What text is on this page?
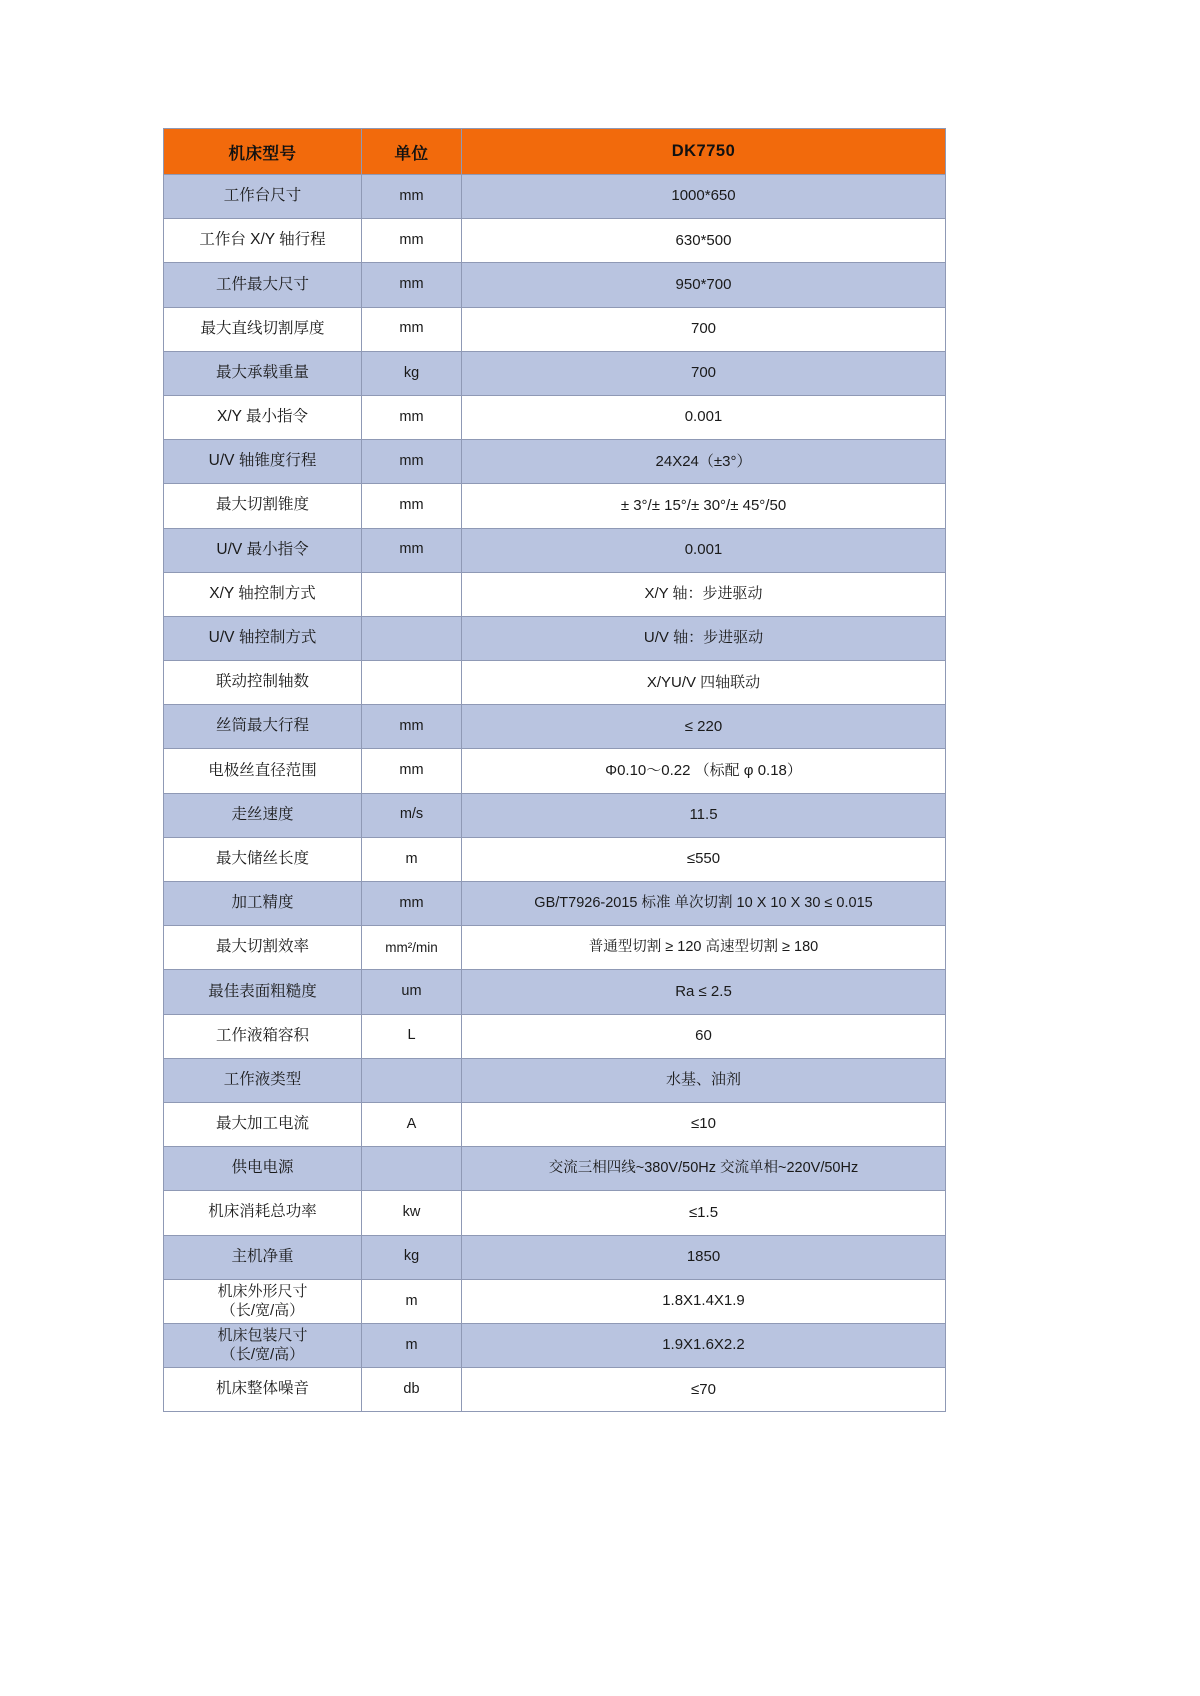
机床型号	单位	DK7750
工作台尺寸	mm	1000*650
工作台 X/Y 轴行程	mm	630*500
工件最大尺寸	mm	950*700
最大直线切割厚度	mm	700
最大承载重量	kg	700
X/Y 最小指令	mm	0.001
U/V 轴锥度行程	mm	24X24（±3°）
最大切割锥度	mm	± 3°/± 15°/± 30°/± 45°/50
U/V 最小指令	mm	0.001
X/Y 轴控制方式		X/Y 轴：步进驱动
U/V 轴控制方式		U/V 轴：步进驱动
联动控制轴数		X/YU/V 四轴联动
丝筒最大行程	mm	≤ 220
电极丝直径范围	mm	Φ0.10～0.22 （标配 φ 0.18）
走丝速度	m/s	11.5
最大储丝长度	m	≤550
加工精度	mm	GB/T7926-2015 标准 单次切割 10 X 10 X 30 ≤ 0.015
最大切割效率	mm²/min	普通型切割 ≥ 120 高速型切割 ≥ 180
最佳表面粗糙度	um	Ra ≤ 2.5
工作液箱容积	L	60
工作液类型		水基、油剂
最大加工电流	A	≤10
供电电源		交流三相四线~380V/50Hz 交流单相~220V/50Hz
机床消耗总功率	kw	≤1.5
主机净重	kg	1850

机床外形尺寸
（长/宽/高）	m	1.8X1.4X1.9

机床包装尺寸
（长/宽/高）	m	1.9X1.6X2.2
机床整体噪音	db	≤70
